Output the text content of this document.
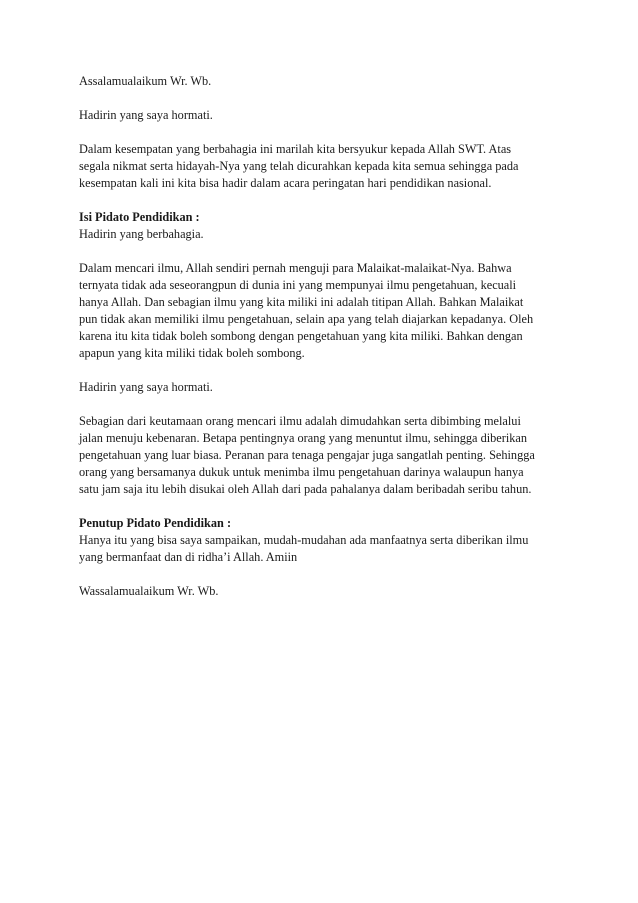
Assalamualaikum Wr. Wb.

Hadirin yang saya hormati.

Dalam kesempatan yang berbahagia ini marilah kita bersyukur kepada Allah SWT. Atas
segala nikmat serta hidayah-Nya yang telah dicurahkan kepada kita semua sehingga pada
kesempatan kali ini kita bisa hadir dalam acara peringatan hari pendidikan nasional.

Isi Pidato Pendidikan :
Hadirin yang berbahagia.

Dalam mencari ilmu, Allah sendiri pernah menguji para Malaikat-malaikat-Nya. Bahwa
ternyata tidak ada seseorangpun di dunia ini yang mempunyai ilmu pengetahuan, kecuali
hanya Allah. Dan sebagian ilmu yang kita miliki ini adalah titipan Allah. Bahkan Malaikat
pun tidak akan memiliki ilmu pengetahuan, selain apa yang telah diajarkan kepadanya. Oleh
karena itu kita tidak boleh sombong dengan pengetahuan yang kita miliki. Bahkan dengan
apapun yang kita miliki tidak boleh sombong.

Hadirin yang saya hormati.

Sebagian dari keutamaan orang mencari ilmu adalah dimudahkan serta dibimbing melalui
jalan menuju kebenaran. Betapa pentingnya orang yang menuntut ilmu, sehingga diberikan
pengetahuan yang luar biasa. Peranan para tenaga pengajar juga sangatlah penting. Sehingga
orang yang bersamanya dukuk untuk menimba ilmu pengetahuan darinya walaupun hanya
satu jam saja itu lebih disukai oleh Allah dari pada pahalanya dalam beribadah seribu tahun.

Penutup Pidato Pendidikan :
Hanya itu yang bisa saya sampaikan, mudah-mudahan ada manfaatnya serta diberikan ilmu
yang bermanfaat dan di ridha’i Allah. Amiin

Wassalamualaikum Wr. Wb.
